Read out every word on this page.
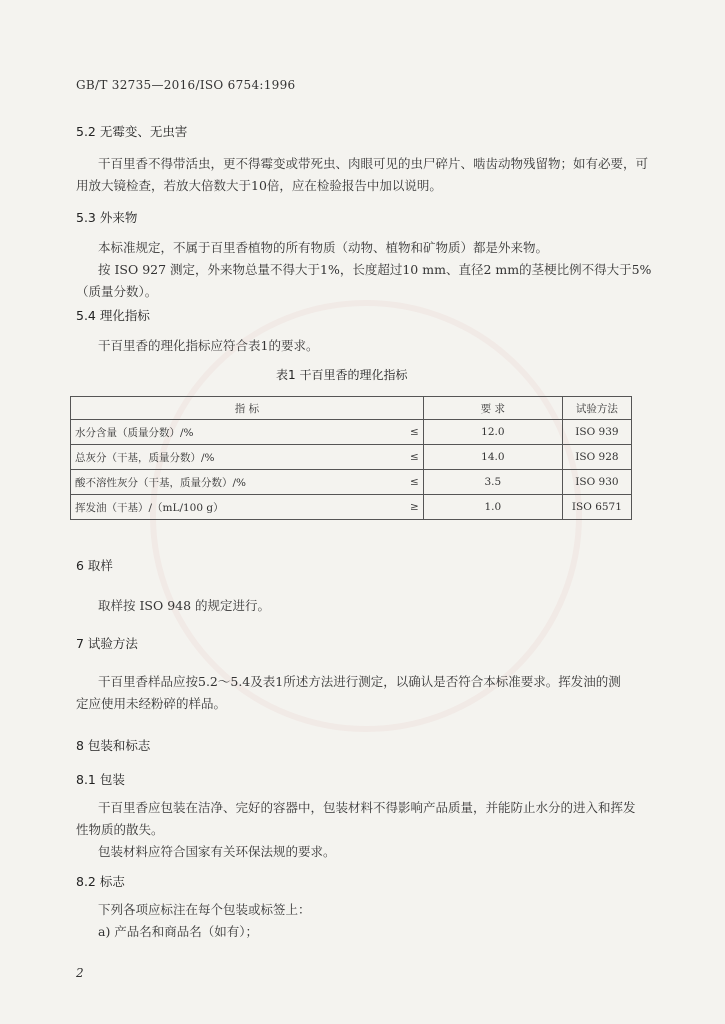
GB/T 32735—2016/ISO 6754:1996
5.2 无霉变、无虫害
干百里香不得带活虫，更不得霉变或带死虫、肉眼可见的虫尸碎片、啮齿动物残留物；如有必要，可
用放大镜检查，若放大倍数大于10倍，应在检验报告中加以说明。
5.3 外来物
本标准规定，不属于百里香植物的所有物质（动物、植物和矿物质）都是外来物。
按 ISO 927 测定，外来物总量不得大于1%，长度超过10 mm、直径2 mm的茎梗比例不得大于5%
（质量分数）。
5.4 理化指标
干百里香的理化指标应符合表1的要求。
表1 干百里香的理化指标
指 标		要 求	试验方法
水分含量（质量分数）/%	≤	12.0	ISO 939
总灰分（干基，质量分数）/%	≤	14.0	ISO 928
酸不溶性灰分（干基，质量分数）/%	≤	3.5	ISO 930
挥发油（干基）/（mL/100 g）	≥	1.0	ISO 6571
6 取样
取样按 ISO 948 的规定进行。
7 试验方法
干百里香样品应按5.2～5.4及表1所述方法进行测定，以确认是否符合本标准要求。挥发油的测
定应使用未经粉碎的样品。
8 包装和标志
8.1 包装
干百里香应包装在洁净、完好的容器中，包装材料不得影响产品质量，并能防止水分的进入和挥发
性物质的散失。
包装材料应符合国家有关环保法规的要求。
8.2 标志
下列各项应标注在每个包装或标签上：
a) 产品名和商品名（如有）；
2
